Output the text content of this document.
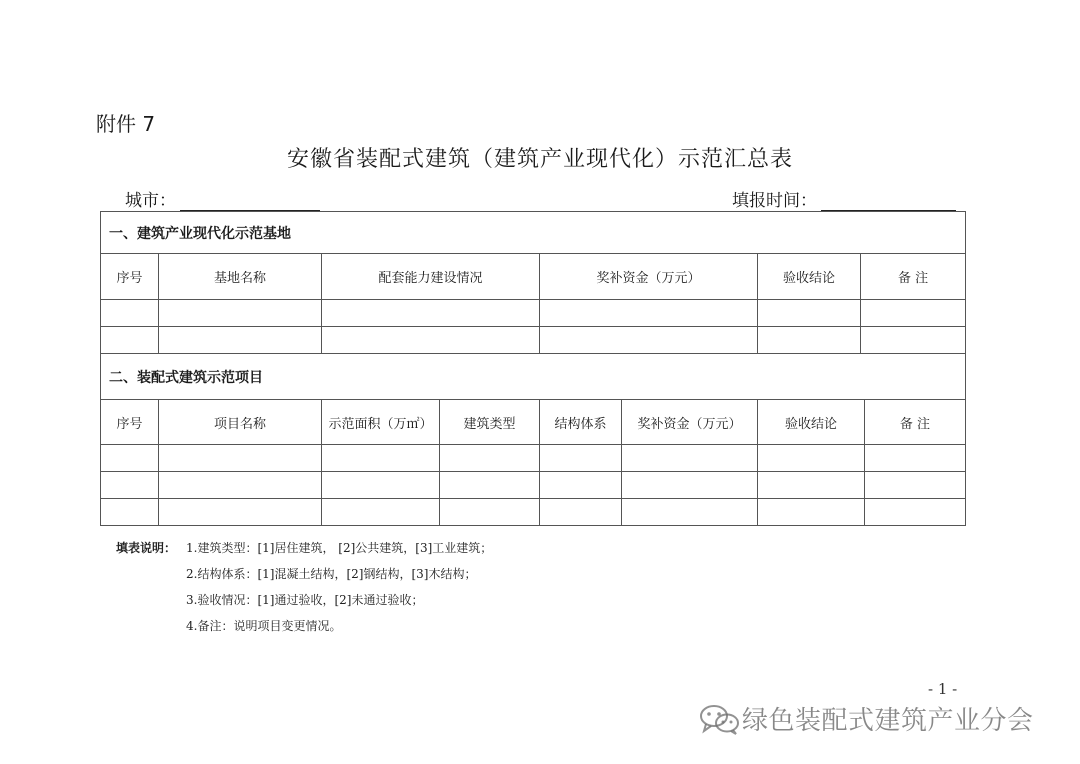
附件 7
安徽省装配式建筑（建筑产业现代化）示范汇总表
城市：	填报时间：
一、建筑产业现代化示范基地					
序号	基地名称	配套能力建设情况	奖补资金（万元）	验收结论	备 注

二、装配式建筑示范项目							
序号	项目名称	示范面积（万㎡）	建筑类型	结构体系	奖补资金（万元）	验收结论	备 注

填表说明： 1.建筑类型：[1]居住建筑， [2]公共建筑，[3]工业建筑；
2.结构体系：[1]混凝土结构，[2]钢结构，[3]木结构；
3.验收情况：[1]通过验收，[2]未通过验收；
4.备注：说明项目变更情况。
- 1 -
绿色装配式建筑产业分会
